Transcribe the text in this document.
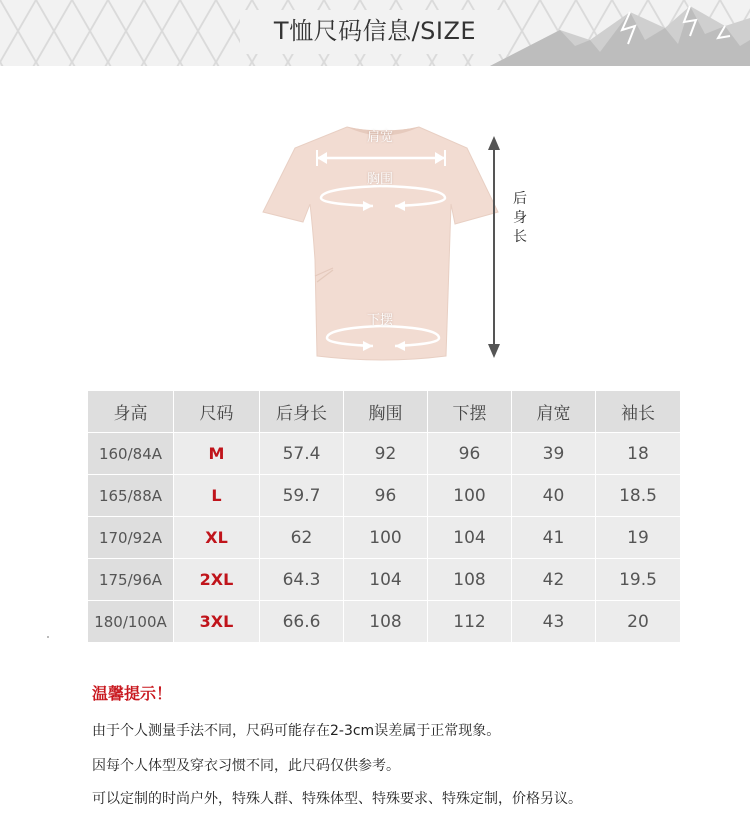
T恤尺码信息/SIZE
肩宽
胸围
下摆
后
身
长
身高	尺码	后身长	胸围	下摆	肩宽	袖长
160/84A	M	57.4	92	96	39	18
165/88A	L	59.7	96	100	40	18.5
170/92A	XL	62	100	104	41	19
175/96A	2XL	64.3	104	108	42	19.5
180/100A	3XL	66.6	108	112	43	20
温馨提示！
由于个人测量手法不同，尺码可能存在2-3cm误差属于正常现象。
因每个人体型及穿衣习惯不同，此尺码仅供参考。
可以定制的时尚户外，特殊人群、特殊体型、特殊要求、特殊定制，价格另议。
